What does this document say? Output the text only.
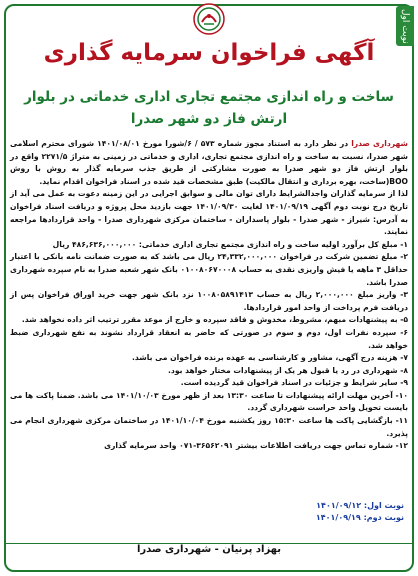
نوبت اول
آگهی فراخوان سرمایه گذاری
ساخت و راه اندازی مجتمع تجاری اداری خدماتی در بلوار ارتش فاز دو شهر صدرا

شهرداری صدرا در نظر دارد به استناد مجوز شماره ۵۷۳ / ۶/شورا مورخ ۱۴۰۱/۰۸/۰۱ شورای محترم اسلامی شهر صدرا، نسبت به ساخت و راه اندازی مجتمع تجاری، اداری و خدماتی در زمینی به متراژ ۲۲۷۱/۵ واقع در بلوار ارتش فاز دو شهر صدرا به صورت مشارکتی از طریق جذب سرمایه گذار به روش با روش BOO(ساخت، بهره برداری و انتقال مالکیت) طبق مشخصات قید شده در اسناد فراخوان اقدام نماید.

لذا از سرمایه گذاران واجدالشرایط دارای توان مالی و سوابق اجرایی در این زمینه دعوت به عمل می آید از تاریخ درج نوبت دوم آگهی ۱۴۰۱/۰۹/۱۹ لغایت ۱۴۰۱/۰۹/۳۰ جهت بازدید محل پروژه و دریافت اسناد فراخوان به آدرس: شیراز - شهر صدرا - بلوار پاسداران - ساختمان مرکزی شهرداری صدرا - واحد قراردادها مراجعه نمایند.

۱- مبلغ کل برآورد اولیه ساخت و راه اندازی مجتمع تجاری اداری خدماتی: ۴۸۶,۶۳۶,۰۰۰,۰۰۰ ریال

۲- مبلغ تضمین شرکت در فراخوان ۲۴,۳۳۲,۰۰۰,۰۰۰ ریال می باشد که به صورت ضمانت نامه بانکی با اعتبار حداقل ۳ ماهه یا فیش واریزی نقدی به حساب ۰۱۰۰۸۰۶۷۰۰۰۸ بانک شهر شعبه صدرا به نام سپرده شهرداری صدرا باشد.

۳- واریز مبلغ ۲,۰۰۰,۰۰۰ ریال به حساب ۱۰۰۸۰۵۸۹۱۴۱۳ نزد بانک شهر جهت خرید اوراق فراخوان پس از دریافت فرم پرداخت از واحد امور قراردادها.

۵- به پیشنهادات مبهم، مشروط، مخدوش و فاقد سپرده و خارج از موعد مقرر ترتیب اثر داده نخواهد شد.

۶- سپرده نفرات اول، دوم و سوم در صورتی که حاضر به انعقاد قرارداد نشوند به نفع شهرداری ضبط خواهد شد.

۷- هزینه درج آگهی، مشاور و کارشناسی به عهده برنده فراخوان می باشد.

۸- شهرداری در رد یا قبول هر یک از پیشنهادات مختار خواهد بود.

۹- سایر شرایط و جزئیات در اسناد فراخوان قید گردیده است.

۱۰- آخرین مهلت ارائه پیشنهادات تا ساعت ۱۳:۳۰ بعد از ظهر مورخ ۱۴۰۱/۱۰/۰۳ می باشد. ضمنا پاکت ها می بایست تحویل واحد حراست شهرداری گردد.

۱۱- بازگشایی پاکت ها ساعت ۱۵:۳۰ روز یکشنبه مورخ ۱۴۰۱/۱۰/۰۴ در ساختمان مرکزی شهرداری انجام می پذیرد.

۱۲- شماره تماس جهت دریافت اطلاعات بیشتر ۳۶۵۶۲۰۹۱-۰۷۱ واحد سرمایه گذاری

نوبت اول: ۱۴۰۱/۰۹/۱۲
نوبت دوم: ۱۴۰۱/۰۹/۱۹
بهزاد پرنیان - شهرداری صدرا
